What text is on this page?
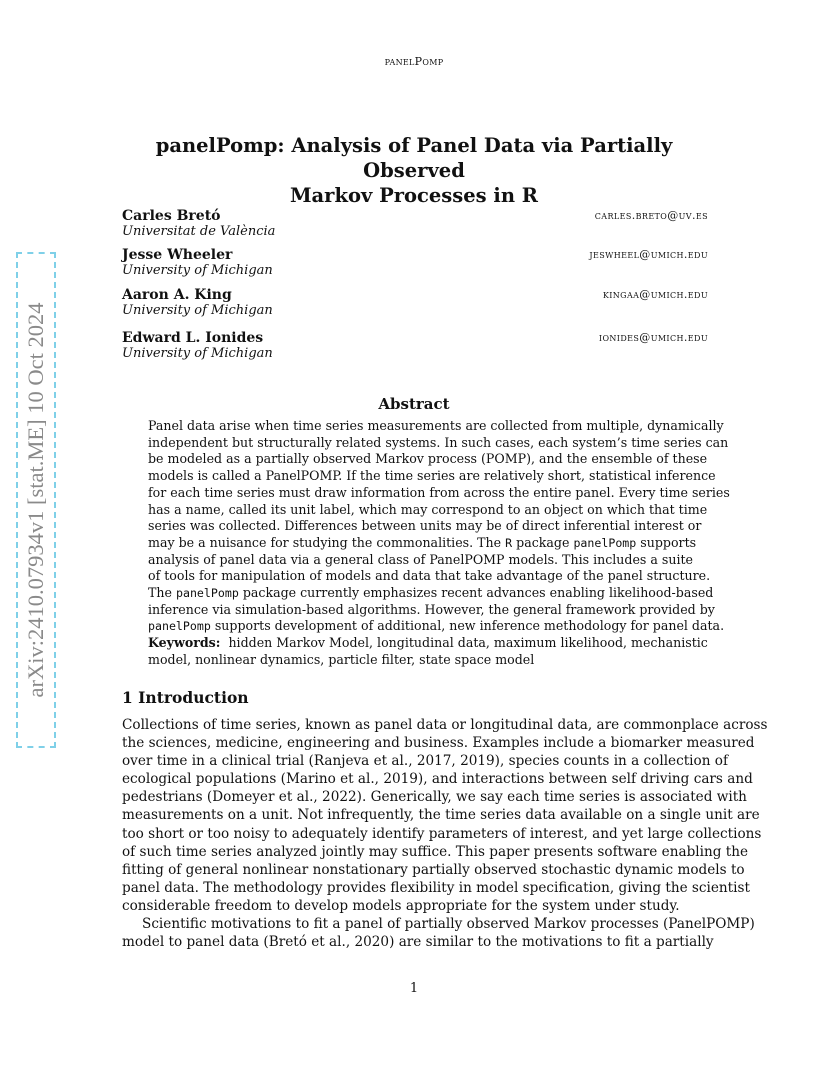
panelPomp
arXiv:2410.07934v1 [stat.ME] 10 Oct 2024
panelPomp: Analysis of Panel Data via Partially Observed
Markov Processes in R
Carles Bretó
Universitat de València
carles.breto@uv.es
Jesse Wheeler
University of Michigan
jeswheel@umich.edu
Aaron A. King
University of Michigan
kingaa@umich.edu
Edward L. Ionides
University of Michigan
ionides@umich.edu
Abstract
Panel data arise when time series measurements are collected from multiple, dynamically
independent but structurally related systems. In such cases, each system’s time series can
be modeled as a partially observed Markov process (POMP), and the ensemble of these
models is called a PanelPOMP. If the time series are relatively short, statistical inference
for each time series must draw information from across the entire panel. Every time series
has a name, called its unit label, which may correspond to an object on which that time
series was collected. Differences between units may be of direct inferential interest or
may be a nuisance for studying the commonalities. The R package panelPomp supports
analysis of panel data via a general class of PanelPOMP models. This includes a suite
of tools for manipulation of models and data that take advantage of the panel structure.
The panelPomp package currently emphasizes recent advances enabling likelihood-based
inference via simulation-based algorithms. However, the general framework provided by
panelPomp supports development of additional, new inference methodology for panel data.
Keywords: hidden Markov Model, longitudinal data, maximum likelihood, mechanistic
model, nonlinear dynamics, particle filter, state space model
1 Introduction
Collections of time series, known as panel data or longitudinal data, are commonplace across
the sciences, medicine, engineering and business. Examples include a biomarker measured
over time in a clinical trial (Ranjeva et al., 2017, 2019), species counts in a collection of
ecological populations (Marino et al., 2019), and interactions between self driving cars and
pedestrians (Domeyer et al., 2022). Generically, we say each time series is associated with
measurements on a unit. Not infrequently, the time series data available on a single unit are
too short or too noisy to adequately identify parameters of interest, and yet large collections
of such time series analyzed jointly may suffice. This paper presents software enabling the
fitting of general nonlinear nonstationary partially observed stochastic dynamic models to
panel data. The methodology provides flexibility in model specification, giving the scientist
considerable freedom to develop models appropriate for the system under study.
Scientific motivations to fit a panel of partially observed Markov processes (PanelPOMP)
model to panel data (Bretó et al., 2020) are similar to the motivations to fit a partially
1
